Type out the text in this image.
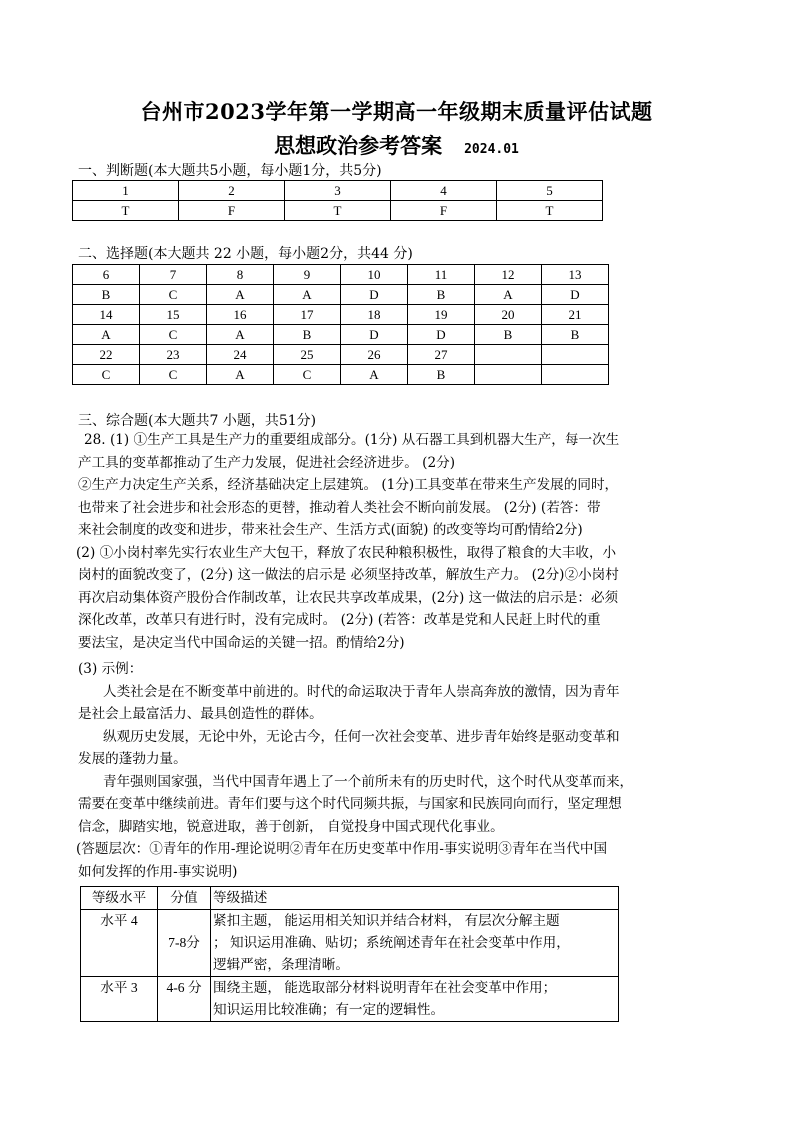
台州市2023学年第一学期高一年级期末质量评估试题
思想政治参考答案 2024.01
一、判断题(本大题共5小题，每小题1分，共5分)
1	2	3	4	5
T	F	T	F	T
二、选择题(本大题共 22 小题，每小题2分，共44 分)
6	7	8	9	10	11	12	13
B	C	A	A	D	B	A	D
14	15	16	17	18	19	20	21
A	C	A	B	D	D	B	B
22	23	24	25	26	27		
C	C	A	C	A	B		
三、综合题(本大题共7 小题，共51分)
28. (1) ①生产工具是生产力的重要组成部分。(1分) 从石器工具到机器大生产，每一次生
产工具的变革都推动了生产力发展，促进社会经济进步。 (2分)
②生产力决定生产关系，经济基础决定上层建筑。 (1分)工具变革在带来生产发展的同时，
也带来了社会进步和社会形态的更替，推动着人类社会不断向前发展。 (2分) (若答：带
来社会制度的改变和进步，带来社会生产、生活方式(面貌) 的改变等均可酌情给2分)
(2) ①小岗村率先实行农业生产大包干，释放了农民种粮积极性，取得了粮食的大丰收，小
岗村的面貌改变了，(2分) 这一做法的启示是 必须坚持改革，解放生产力。 (2分)②小岗村
再次启动集体资产股份合作制改革，让农民共享改革成果，(2分) 这一做法的启示是：必须
深化改革，改革只有进行时，没有完成时。 (2分) (若答：改革是党和人民赶上时代的重
要法宝，是决定当代中国命运的关键一招。酌情给2分)
(3) 示例：
人类社会是在不断变革中前进的。时代的命运取决于青年人崇高奔放的激情，因为青年
是社会上最富活力、最具创造性的群体。
纵观历史发展，无论中外，无论古今，任何一次社会变革、进步青年始终是驱动变革和
发展的蓬勃力量。
青年强则国家强，当代中国青年遇上了一个前所未有的历史时代，这个时代从变革而来，
需要在变革中继续前进。青年们要与这个时代同频共振，与国家和民族同向而行，坚定理想
信念，脚踏实地，锐意进取，善于创新， 自觉投身中国式现代化事业。
(答题层次：①青年的作用-理论说明②青年在历史变革中作用-事实说明③青年在当代中国
如何发挥的作用-事实说明)
等级水平	分值	等级描述
水平 4	7-8分	紧扣主题， 能运用相关知识并结合材料， 有层次分解主题
； 知识运用准确、贴切；系统阐述青年在社会变革中作用，
逻辑严密，条理清晰。

水平 3	4-6 分	围绕主题， 能选取部分材料说明青年在社会变革中作用；
知识运用比较准确；有一定的逻辑性。
